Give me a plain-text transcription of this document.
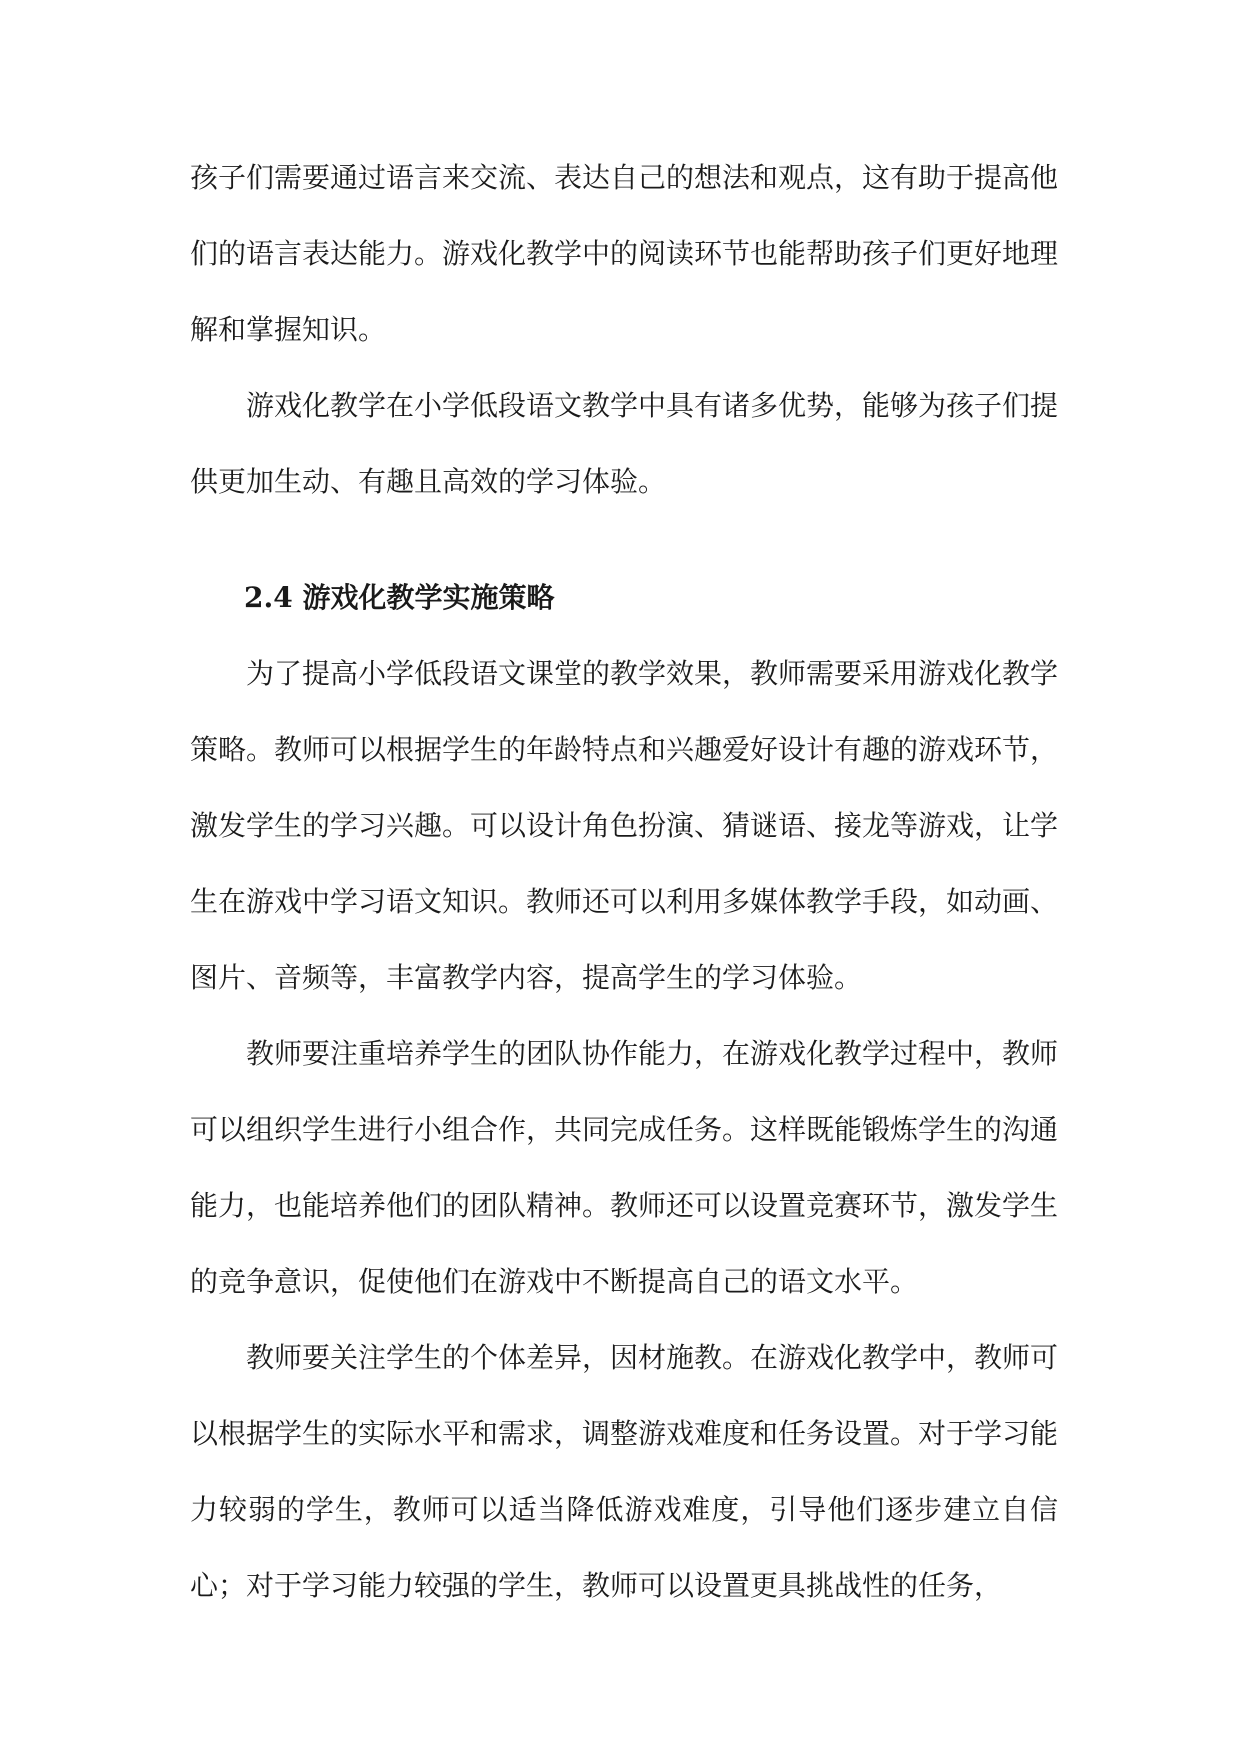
孩子们需要通过语言来交流、表达自己的想法和观点，这有助于提高他们的语言表达能力。游戏化教学中的阅读环节也能帮助孩子们更好地理解和掌握知识。

游戏化教学在小学低段语文教学中具有诸多优势，能够为孩子们提供更加生动、有趣且高效的学习体验。

2.4 游戏化教学实施策略

为了提高小学低段语文课堂的教学效果，教师需要采用游戏化教学策略。教师可以根据学生的年龄特点和兴趣爱好设计有趣的游戏环节，激发学生的学习兴趣。可以设计角色扮演、猜谜语、接龙等游戏，让学生在游戏中学习语文知识。教师还可以利用多媒体教学手段，如动画、图片、音频等，丰富教学内容，提高学生的学习体验。

教师要注重培养学生的团队协作能力，在游戏化教学过程中，教师可以组织学生进行小组合作，共同完成任务。这样既能锻炼学生的沟通能力，也能培养他们的团队精神。教师还可以设置竞赛环节，激发学生的竞争意识，促使他们在游戏中不断提高自己的语文水平。

教师要关注学生的个体差异，因材施教。在游戏化教学中，教师可以根据学生的实际水平和需求，调整游戏难度和任务设置。对于学习能力较弱的学生，教师可以适当降低游戏难度，引导他们逐步建立自信心；对于学习能力较强的学生，教师可以设置更具挑战性的任务，
